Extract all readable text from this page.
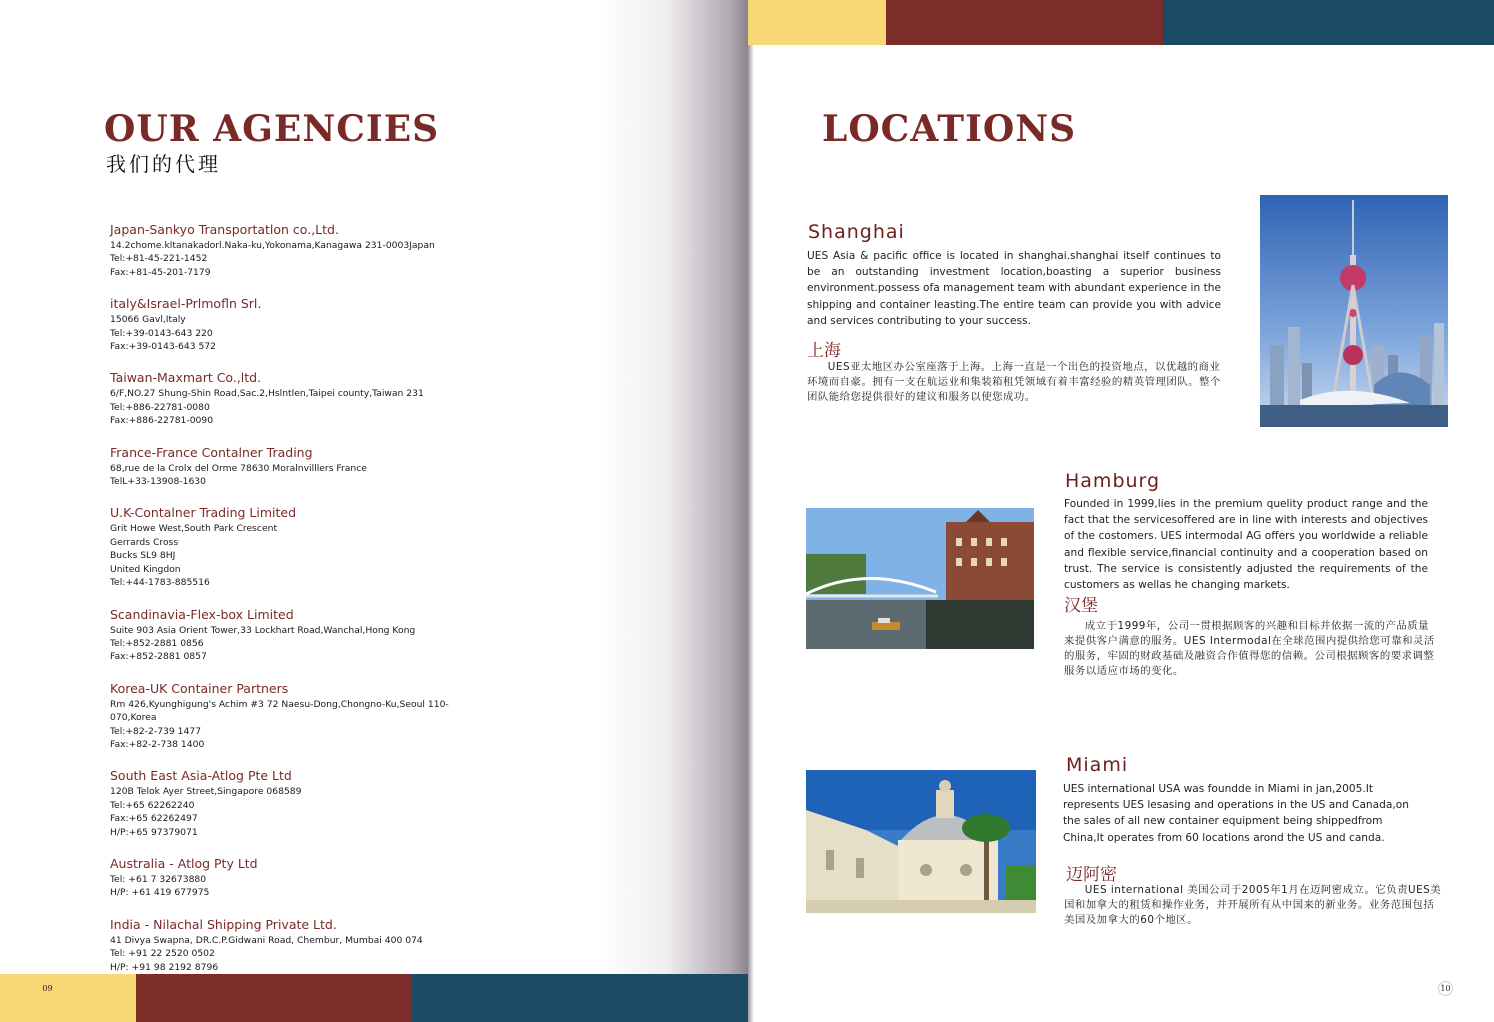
OUR AGENCIES
我们的代理
Japan-Sankyo Transportatlon co.,Ltd.
14.2chome.kltanakadorl.Naka-ku,Yokonama,Kanagawa 231-0003Japan
Tel:+81-45-221-1452
Fax:+81-45-201-7179
italy&Israel-Prlmofln Srl.
15066 Gavl,Italy
Tel:+39-0143-643 220
Fax:+39-0143-643 572
Taiwan-Maxmart Co.,ltd.
6/F,NO.27 Shung-Shin Road,Sac.2,Hslntlen,Taipei county,Taiwan 231
Tel:+886-22781-0080
Fax:+886-22781-0090
France-France Contalner Trading
68,rue de la Crolx del Orme 78630 Moralnvilllers France
TelL+33-13908-1630
U.K-Contalner Trading Limited
Grit Howe West,South Park Crescent
Gerrards Cross
Bucks SL9 8HJ
United Kingdon
Tel:+44-1783-885516
Scandinavia-Flex-box Limited
Suite 903 Asia Orient Tower,33 Lockhart Road,Wanchal,Hong Kong
Tel:+852-2881 0856
Fax:+852-2881 0857
Korea-UK Container Partners
Rm 426,Kyunghigung's Achim #3 72 Naesu-Dong,Chongno-Ku,Seoul 110-
070,Korea
Tel:+82-2-739 1477
Fax:+82-2-738 1400
South East Asia-Atlog Pte Ltd
120B Telok Ayer Street,Singapore 068589
Tel:+65 62262240
Fax:+65 62262497
H/P:+65 97379071
Australia - Atlog Pty Ltd
Tel: +61 7 32673880
H/P: +61 419 677975
India - Nilachal Shipping Private Ltd.
41 Divya Swapna, DR.C.P.Gidwani Road, Chembur, Mumbai 400 074
Tel: +91 22 2520 0502
H/P: +91 98 2192 8796
09
LOCATIONS
Shanghai
UES Asia & pacific office is located in shanghai.shanghai itself continues to be an outstanding investment location,boasting a superior business environment.possess ofa management team with abundant experience in the shipping and container leasting.The entire team can provide you with advice and services contributing to your success.
上海
UES亚太地区办公室座落于上海。上海一直是一个出色的投资地点，以优越的商业环境而自豪。拥有一支在航运业和集装箱租凭领域有着丰富经验的精英管理团队。整个团队能给您提供很好的建议和服务以使您成功。
Hamburg
Founded in 1999,lies in the premium quelity product range and the fact that the servicesoffered are in line with interests and objectives of the costomers. UES intermodal AG offers you worldwide a reliable and flexible service,financial continuity and a cooperation based on trust. The service is consistently adjusted the requirements of the customers as wellas he changing markets.
汉堡
成立于1999年，公司一贯根据顾客的兴趣和目标并依据一流的产品质量来提供客户满意的服务。UES Intermodal在全球范围内提供给您可靠和灵活的服务，牢固的财政基础及融资合作值得您的信赖。公司根据顾客的要求调整服务以适应市场的变化。
Miami
UES international USA was foundde in Miami in jan,2005.It represents UES lesasing and operations in the US and Canada,on the sales of all new container equipment being shippedfrom China,It operates from 60 locations arond the US and canda.
迈阿密
UES international 美国公司于2005年1月在迈阿密成立。它负责UES美国和加拿大的租赁和操作业务，并开展所有从中国来的新业务。业务范围包括美国及加拿大的60个地区。
10
